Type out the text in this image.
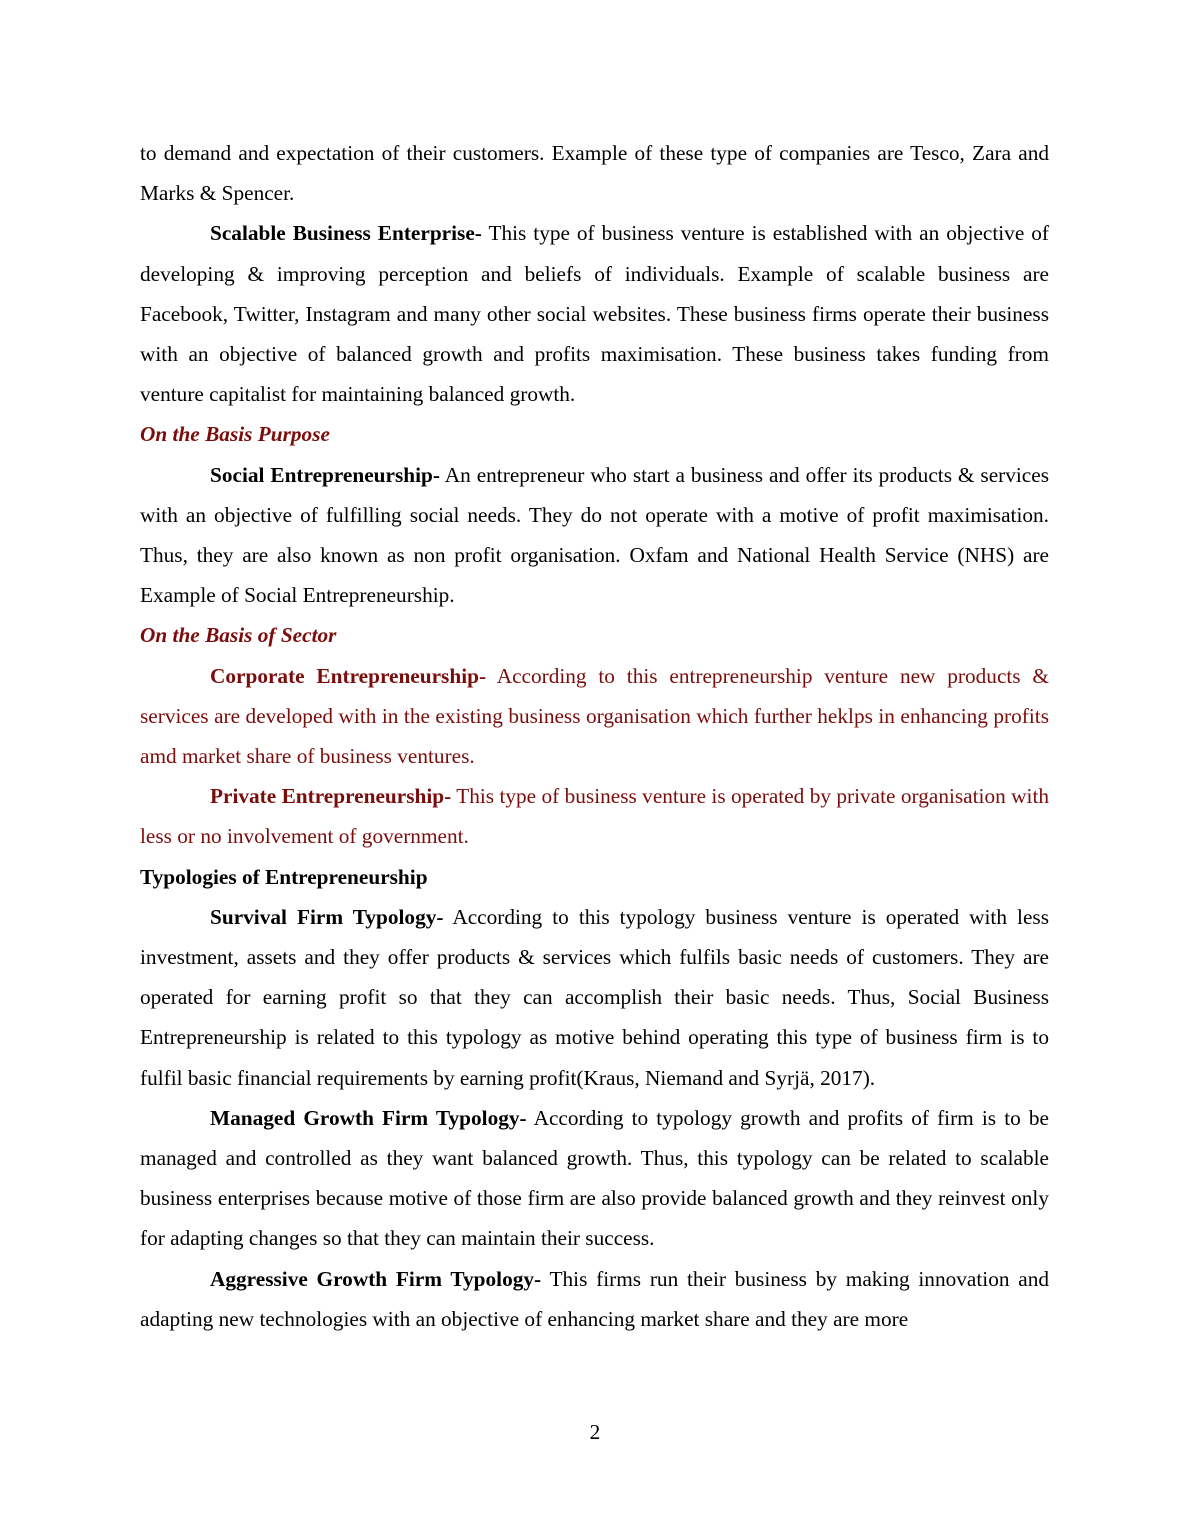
to demand and expectation of their customers. Example of these type of companies are Tesco, Zara and Marks & Spencer.

Scalable Business Enterprise- This type of business venture is established with an objective of developing & improving perception and beliefs of individuals. Example of scalable business are Facebook, Twitter, Instagram and many other social websites. These business firms operate their business with an objective of balanced growth and profits maximisation. These business takes funding from venture capitalist for maintaining balanced growth.

On the Basis Purpose

Social Entrepreneurship- An entrepreneur who start a business and offer its products & services with an objective of fulfilling social needs. They do not operate with a motive of profit maximisation. Thus, they are also known as non profit organisation. Oxfam and National Health Service (NHS) are Example of Social Entrepreneurship.

On the Basis of Sector

Corporate Entrepreneurship- According to this entrepreneurship venture new products & services are developed with in the existing business organisation which further heklps in enhancing profits amd market share of business ventures.

Private Entrepreneurship- This type of business venture is operated by private organisation with less or no involvement of government.

Typologies of Entrepreneurship

Survival Firm Typology- According to this typology business venture is operated with less investment, assets and they offer products & services which fulfils basic needs of customers. They are operated for earning profit so that they can accomplish their basic needs. Thus, Social Business Entrepreneurship is related to this typology as motive behind operating this type of business firm is to fulfil basic financial requirements by earning profit(Kraus, Niemand and Syrjä, 2017).

Managed Growth Firm Typology- According to typology growth and profits of firm is to be managed and controlled as they want balanced growth. Thus, this typology can be related to scalable business enterprises because motive of those firm are also provide balanced growth and they reinvest only for adapting changes so that they can maintain their success.

Aggressive Growth Firm Typology- This firms run their business by making innovation and adapting new technologies with an objective of enhancing market share and they are more

2
